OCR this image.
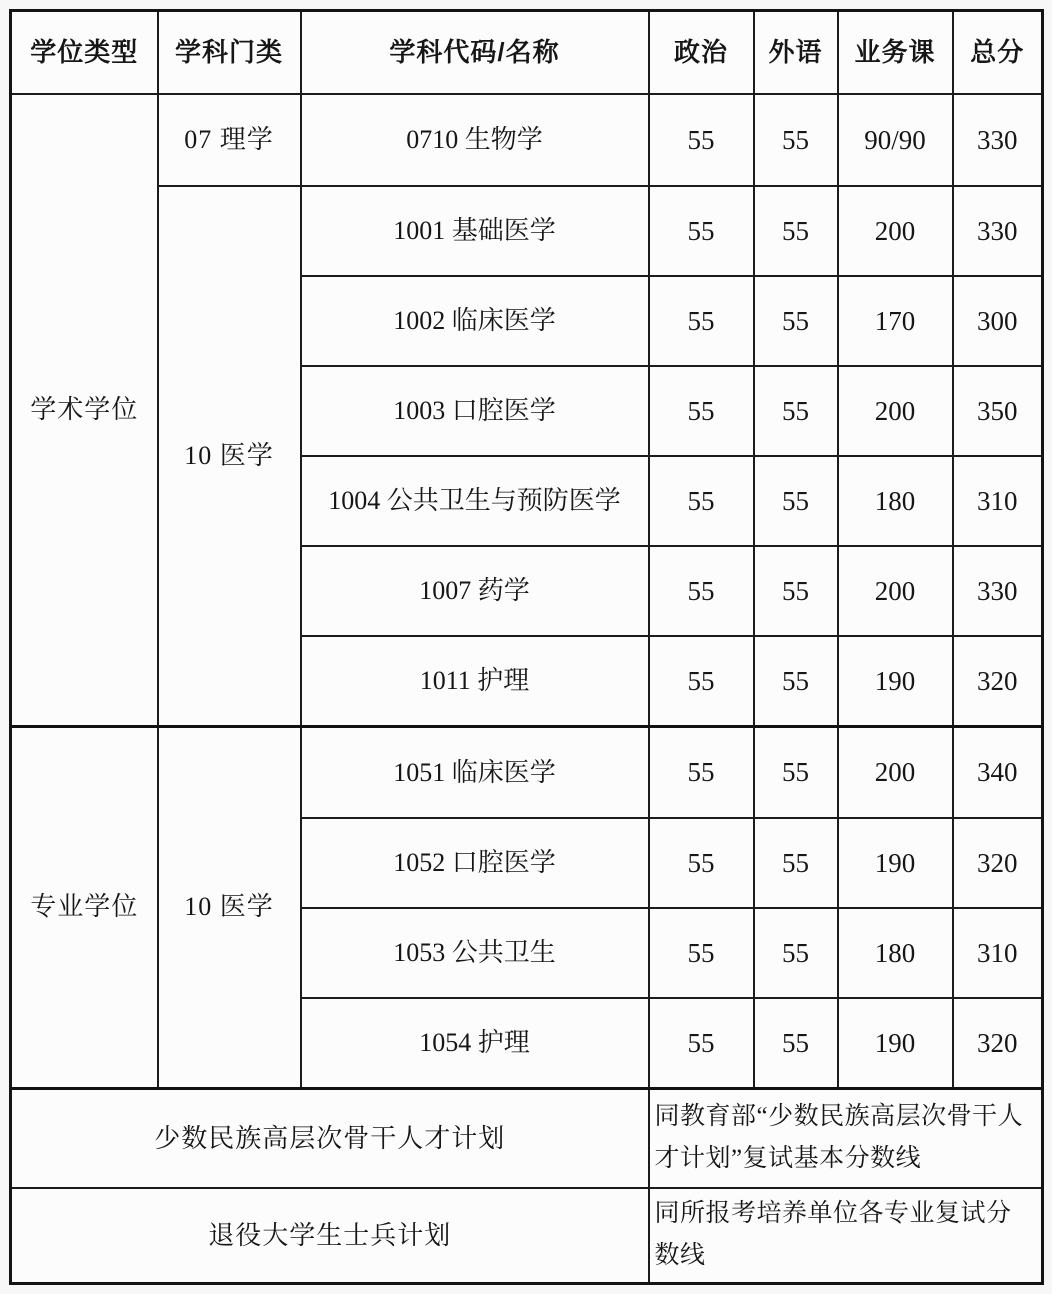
学位类型	学科门类	学科代码/名称	政治	外语	业务课	总分
学术学位	07 理学	0710 生物学	55	55	90/90	330
	10 医学	1001 基础医学	55	55	200	330
		1002 临床医学	55	55	170	300
		1003 口腔医学	55	55	200	350
		1004 公共卫生与预防医学	55	55	180	310
		1007 药学	55	55	200	330
		1011 护理	55	55	190	320
专业学位	10 医学	1051 临床医学	55	55	200	340
		1052 口腔医学	55	55	190	320
		1053 公共卫生	55	55	180	310
		1054 护理	55	55	190	320
少数民族高层次骨干人才计划			同教育部“少数民族高层次骨干人才计划”复试基本分数线			
退役大学生士兵计划			同所报考培养单位各专业复试分数线			
